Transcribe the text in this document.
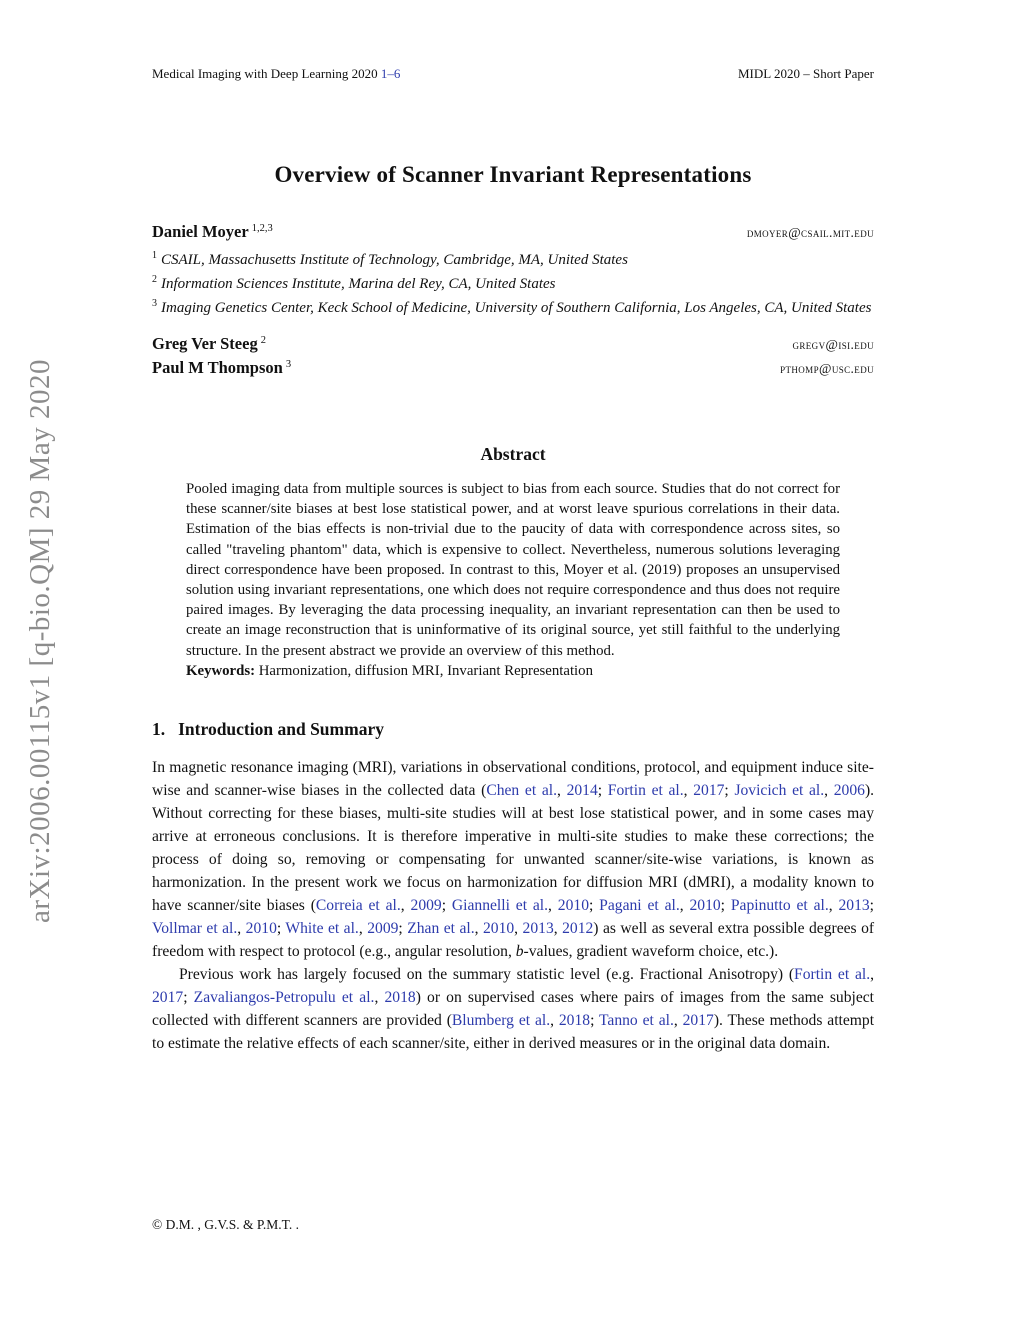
arXiv:2006.00115v1 [q-bio.QM] 29 May 2020
Medical Imaging with Deep Learning 2020 1–6	MIDL 2020 – Short Paper
Overview of Scanner Invariant Representations
Daniel Moyer $^{1,2,3}$	dmoyer@csail.mit.edu
$^1$ CSAIL, Massachusetts Institute of Technology, Cambridge, MA, United States
$^2$ Information Sciences Institute, Marina del Rey, CA, United States
$^3$ Imaging Genetics Center, Keck School of Medicine, University of Southern California, Los Angeles, CA, United States
Greg Ver Steeg $^2$	gregv@isi.edu
Paul M Thompson $^3$	pthomp@usc.edu
Abstract

Pooled imaging data from multiple sources is subject to bias from each source. Studies that do not correct for these scanner/site biases at best lose statistical power, and at worst leave spurious correlations in their data. Estimation of the bias effects is non-trivial due to the paucity of data with correspondence across sites, so called "traveling phantom" data, which is expensive to collect. Nevertheless, numerous solutions leveraging direct correspondence have been proposed. In contrast to this, Moyer et al. (2019) proposes an unsupervised solution using invariant representations, one which does not require correspondence and thus does not require paired images. By leveraging the data processing inequality, an invariant representation can then be used to create an image reconstruction that is uninformative of its original source, yet still faithful to the underlying structure. In the present abstract we provide an overview of this method.

Keywords: Harmonization, diffusion MRI, Invariant Representation

1. Introduction and Summary

In magnetic resonance imaging (MRI), variations in observational conditions, protocol, and equipment induce site-wise and scanner-wise biases in the collected data (Chen et al., 2014; Fortin et al., 2017; Jovicich et al., 2006). Without correcting for these biases, multi-site studies will at best lose statistical power, and in some cases may arrive at erroneous conclusions. It is therefore imperative in multi-site studies to make these corrections; the process of doing so, removing or compensating for unwanted scanner/site-wise variations, is known as harmonization. In the present work we focus on harmonization for diffusion MRI (dMRI), a modality known to have scanner/site biases (Correia et al., 2009; Giannelli et al., 2010; Pagani et al., 2010; Papinutto et al., 2013; Vollmar et al., 2010; White et al., 2009; Zhan et al., 2010, 2013, 2012) as well as several extra possible degrees of freedom with respect to protocol (e.g., angular resolution, b-values, gradient waveform choice, etc.).

Previous work has largely focused on the summary statistic level (e.g. Fractional Anisotropy) (Fortin et al., 2017; Zavaliangos-Petropulu et al., 2018) or on supervised cases where pairs of images from the same subject collected with different scanners are provided (Blumberg et al., 2018; Tanno et al., 2017). These methods attempt to estimate the relative effects of each scanner/site, either in derived measures or in the original data domain.

© D.M. , G.V.S. & P.M.T. .
